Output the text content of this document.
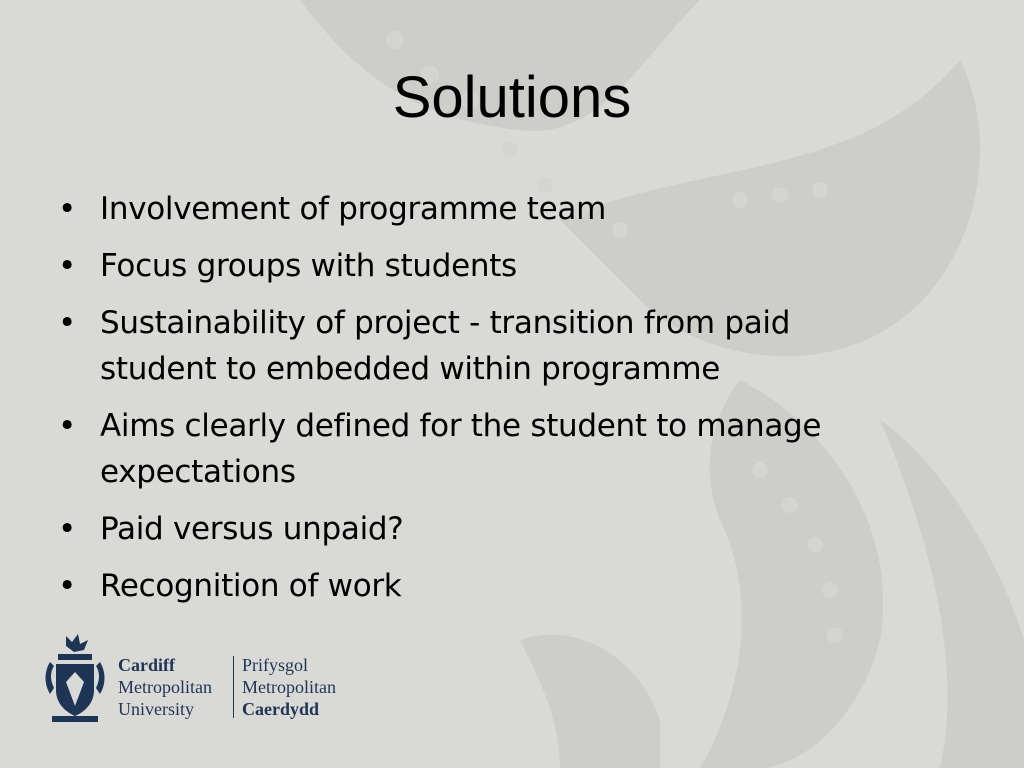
Solutions
• Involvement of programme team
• Focus groups with students
• Sustainability of project - transition from paid student to embedded within programme
• Aims clearly defined for the student to manage expectations
• Paid versus unpaid?
• Recognition of work
Cardiff
Metropolitan
University
Prifysgol
Metropolitan
Caerdydd
